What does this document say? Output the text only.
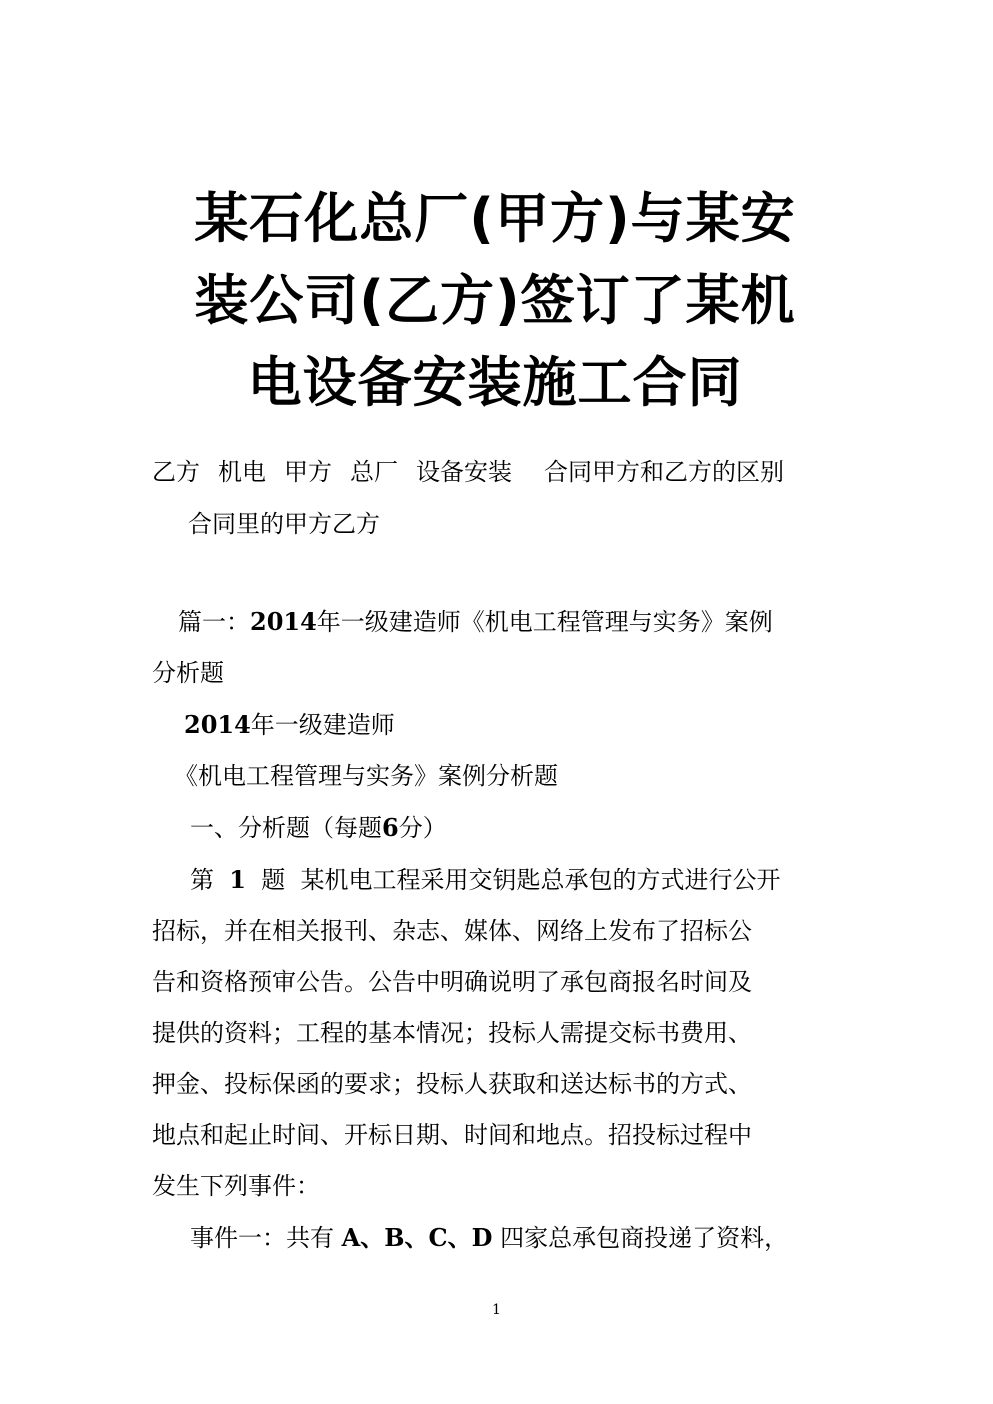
某石化总厂(甲方)与某安
装公司(乙方)签订了某机
电设备安装施工合同
乙方 机电 甲方 总厂 设备安装 合同甲方和乙方的区别
合同里的甲方乙方

篇一：2014年一级建造师《机电工程管理与实务》案例

分析题

2014年一级建造师

《机电工程管理与实务》案例分析题

一、分析题（每题6分）

第 1 题 某机电工程采用交钥匙总承包的方式进行公开

招标，并在相关报刊、杂志、媒体、网络上发布了招标公

告和资格预审公告。公告中明确说明了承包商报名时间及

提供的资料；工程的基本情况；投标人需提交标书费用、

押金、投标保函的要求；投标人获取和送达标书的方式、

地点和起止时间、开标日期、时间和地点。招投标过程中

发生下列事件：

事件一：共有 A、B、C、D 四家总承包商投递了资料，

1
